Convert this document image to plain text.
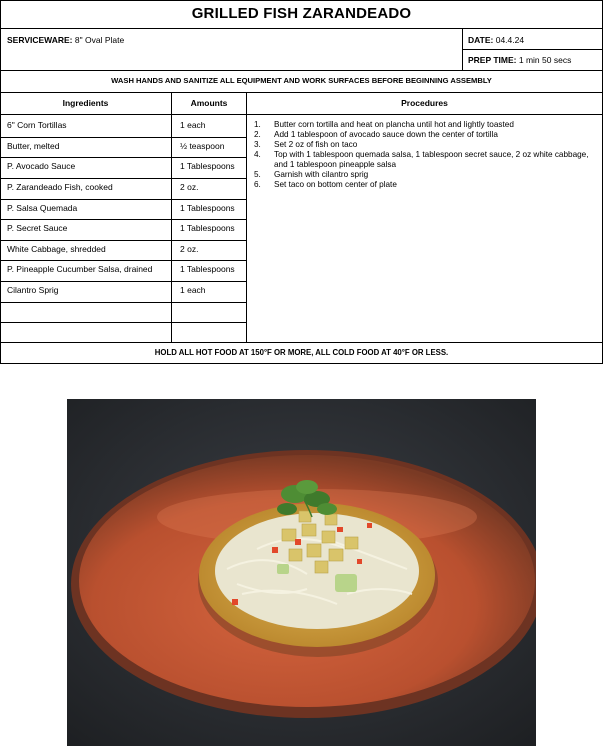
GRILLED FISH ZARANDEADO
SERVICEWARE: 8" Oval Plate	DATE: 04.4.24
PREP TIME: 1 min 50 secs
WASH HANDS AND SANITIZE ALL EQUIPMENT AND WORK SURFACES BEFORE BEGINNING ASSEMBLY
Ingredients	Amounts	Procedures
6" Corn Tortillas	1 each
Butter, melted	½ teaspoon
P. Avocado Sauce	1 Tablespoons
P. Zarandeado Fish, cooked	2 oz.
P. Salsa Quemada	1 Tablespoons
P. Secret Sauce	1 Tablespoons
White Cabbage, shredded	2 oz.
P. Pineapple Cucumber Salsa, drained	1 Tablespoons
Cilantro Sprig	1 each
1. Butter corn tortilla and heat on plancha until hot and lightly toasted
2. Add 1 tablespoon of avocado sauce down the center of tortilla
3. Set 2 oz of fish on taco
4. Top with 1 tablespoon quemada salsa, 1 tablespoon secret sauce, 2 oz white cabbage, and 1 tablespoon pineapple salsa
5. Garnish with cilantro sprig
6. Set taco on bottom center of plate
HOLD ALL HOT FOOD AT 150°F OR MORE, ALL COLD FOOD AT 40°F OR LESS.
